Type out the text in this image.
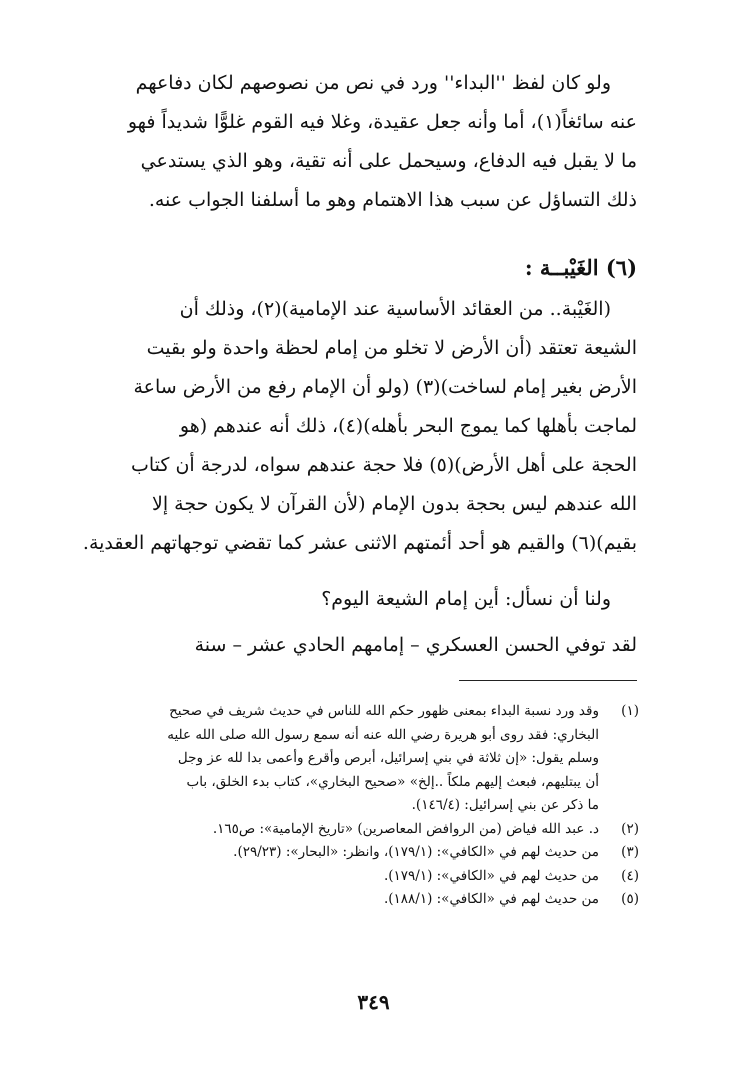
ولو كان لفظ ''البداء'' ورد في نص من نصوصهم لكان دفاعهم
عنه سائغاً(١)، أما وأنه جعل عقيدة، وغلا فيه القوم غلوًّا شديداً فهو
ما لا يقبل فيه الدفاع، وسيحمل على أنه تقية، وهو الذي يستدعي
ذلك التساؤل عن سبب هذا الاهتمام وهو ما أسلفنا الجواب عنه.
(٦) الغَيْبــة :
(الغَيْبة.. من العقائد الأساسية عند الإمامية)(٢)، وذلك أن
الشيعة تعتقد (أن الأرض لا تخلو من إمام لحظة واحدة ولو بقيت
الأرض بغير إمام لساخت)(٣) (ولو أن الإمام رفع من الأرض ساعة
لماجت بأهلها كما يموج البحر بأهله)(٤)، ذلك أنه عندهم (هو
الحجة على أهل الأرض)(٥) فلا حجة عندهم سواه، لدرجة أن كتاب
الله عندهم ليس بحجة بدون الإمام (لأن القرآن لا يكون حجة إلا
بقيم)(٦) والقيم هو أحد أئمتهم الاثنى عشر كما تقضي توجهاتهم العقدية.
ولنا أن نسأل: أين إمام الشيعة اليوم؟
لقد توفي الحسن العسكري – إمامهم الحادي عشر – سنة
(١)
وقد ورد نسبة البداء بمعنى ظهور حكم الله للناس في حديث شريف في صحيح
البخاري: فقد روى أبو هريرة رضي الله عنه أنه سمع رسول الله صلى الله عليه
وسلم يقول: «إن ثلاثة في بني إسرائيل، أبرص وأقرع وأعمى بدا لله عز وجل
أن يبتليهم، فبعث إليهم ملكاً ..إلخ» «صحيح البخاري»، كتاب بدء الخلق، باب
ما ذكر عن بني إسرائيل: (١٤٦/٤).
(٢)
د. عبد الله فياض (من الروافض المعاصرين) «تاريخ الإمامية»: ص١٦٥.
(٣)
من حديث لهم في «الكافي»: (١٧٩/١)، وانظر: «البحار»: (٢٩/٢٣).
(٤)
من حديث لهم في «الكافي»: (١٧٩/١).
(٥)
من حديث لهم في «الكافي»: (١٨٨/١).
٣٤٩
